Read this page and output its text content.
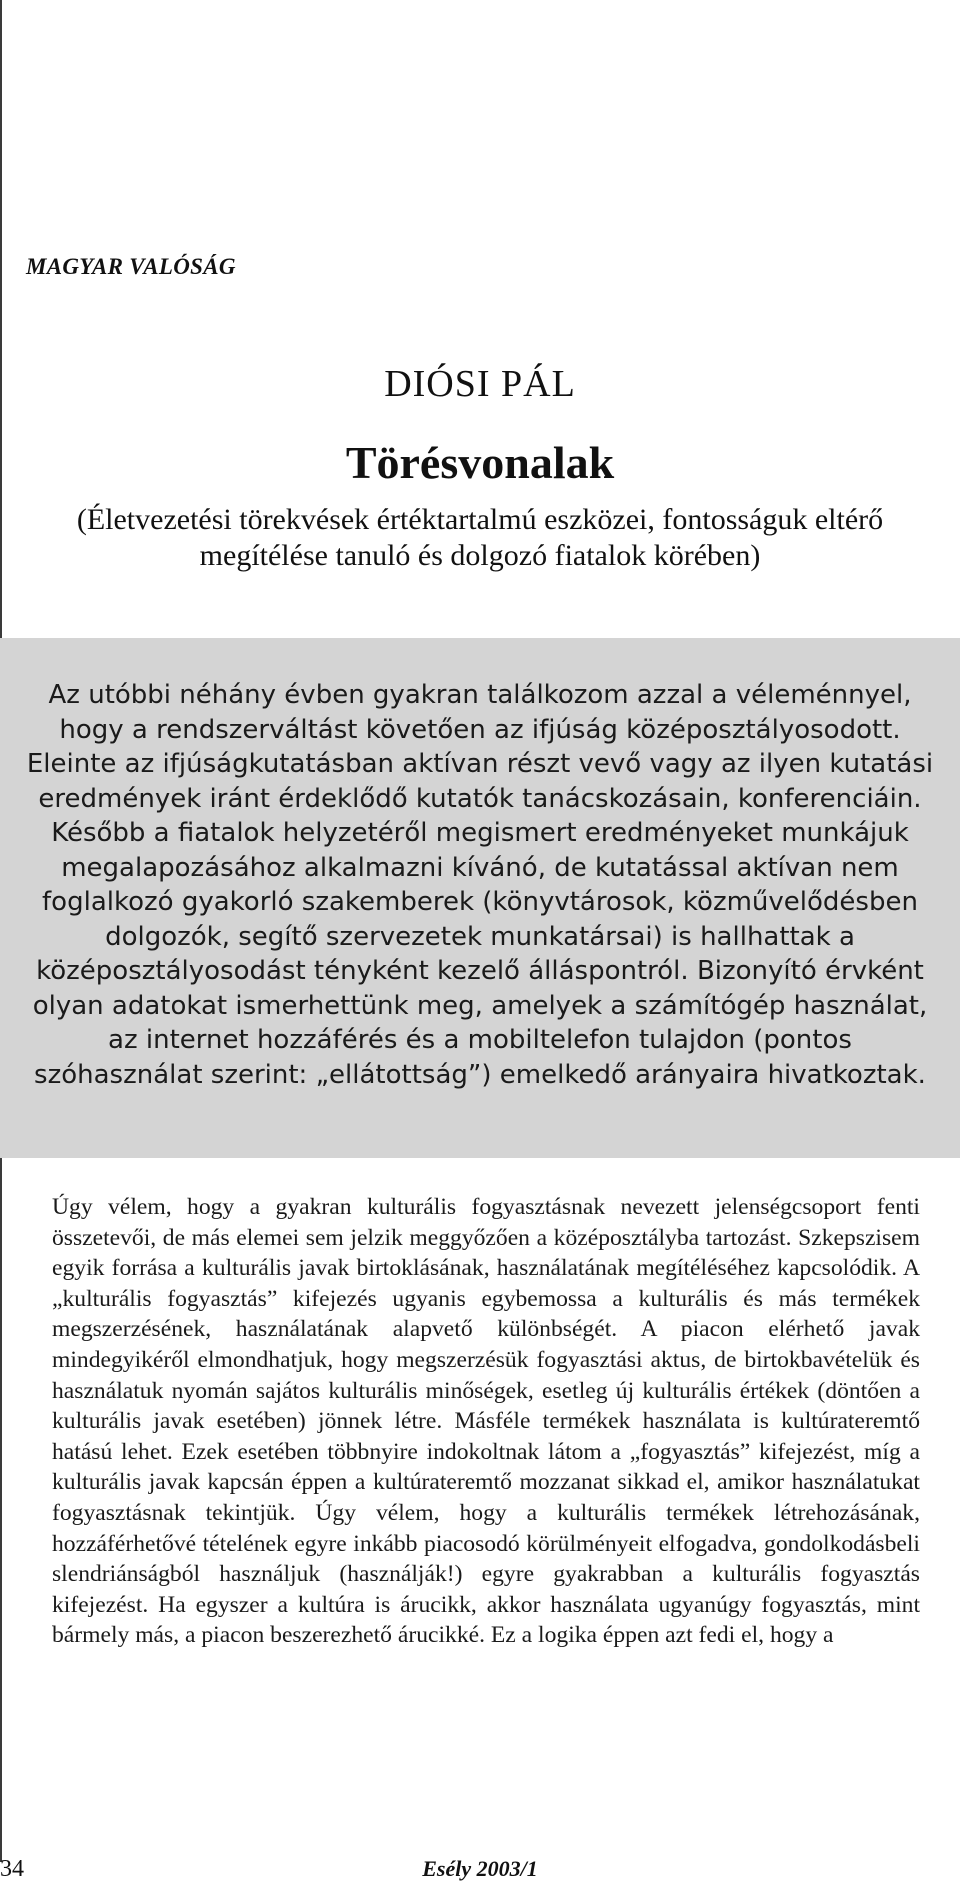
MAGYAR VALÓSÁG
DIÓSI PÁL
Törésvonalak
(Életvezetési törekvések értéktartalmú eszközei, fontosságuk eltérő megítélése tanuló és dolgozó fiatalok körében)

Az utóbbi néhány évben gyakran találkozom azzal a véleménnyel, hogy a rendszerváltást követően az ifjúság középosztályosodott. Eleinte az ifjúságkutatásban aktívan részt vevő vagy az ilyen kutatási eredmények iránt érdeklődő kutatók tanácskozásain, konferenciáin. Később a fiatalok helyzetéről megismert eredményeket munkájuk megalapozásához alkalmazni kívánó, de kutatással aktívan nem foglalkozó gyakorló szakemberek (könyvtárosok, közművelődésben dolgozók, segítő szervezetek munkatársai) is hallhattak a középosztályosodást tényként kezelő álláspontról. Bizonyító érvként olyan adatokat ismerhettünk meg, amelyek a számítógép használat, az internet hozzáférés és a mobiltelefon tulajdon (pontos szóhasználat szerint: „ellátottság”) emelkedő arányaira hivatkoztak.

Úgy vélem, hogy a gyakran kulturális fogyasztásnak nevezett jelenségcsoport fenti összetevői, de más elemei sem jelzik meggyőzően a középosztályba tartozást. Szkepszisem egyik forrása a kulturális javak birtoklásának, használatának megítéléséhez kapcsolódik. A „kulturális fogyasztás” kifejezés ugyanis egybemossa a kulturális és más termékek megszerzésének, használatának alapvető különbségét. A piacon elérhető javak mindegyikéről elmondhatjuk, hogy megszerzésük fogyasztási aktus, de birtokbavételük és használatuk nyomán sajátos kulturális minőségek, esetleg új kulturális értékek (döntően a kulturális javak esetében) jönnek létre. Másféle termékek használata is kultúrateremtő hatású lehet. Ezek esetében többnyire indokoltnak látom a „fogyasztás” kifejezést, míg a kulturális javak kapcsán éppen a kultúrateremtő mozzanat sikkad el, amikor használatukat fogyasztásnak tekintjük. Úgy vélem, hogy a kulturális termékek létrehozásának, hozzáférhetővé tételének egyre inkább piacosodó körülményeit elfogadva, gondolkodásbeli slendriánságból használjuk (használják!) egyre gyakrabban a kulturális fogyasztás kifejezést. Ha egyszer a kultúra is árucikk, akkor használata ugyanúgy fogyasztás, mint bármely más, a piacon beszerezhető árucikké. Ez a logika éppen azt fedi el, hogy a

34	Esély 2003/1
